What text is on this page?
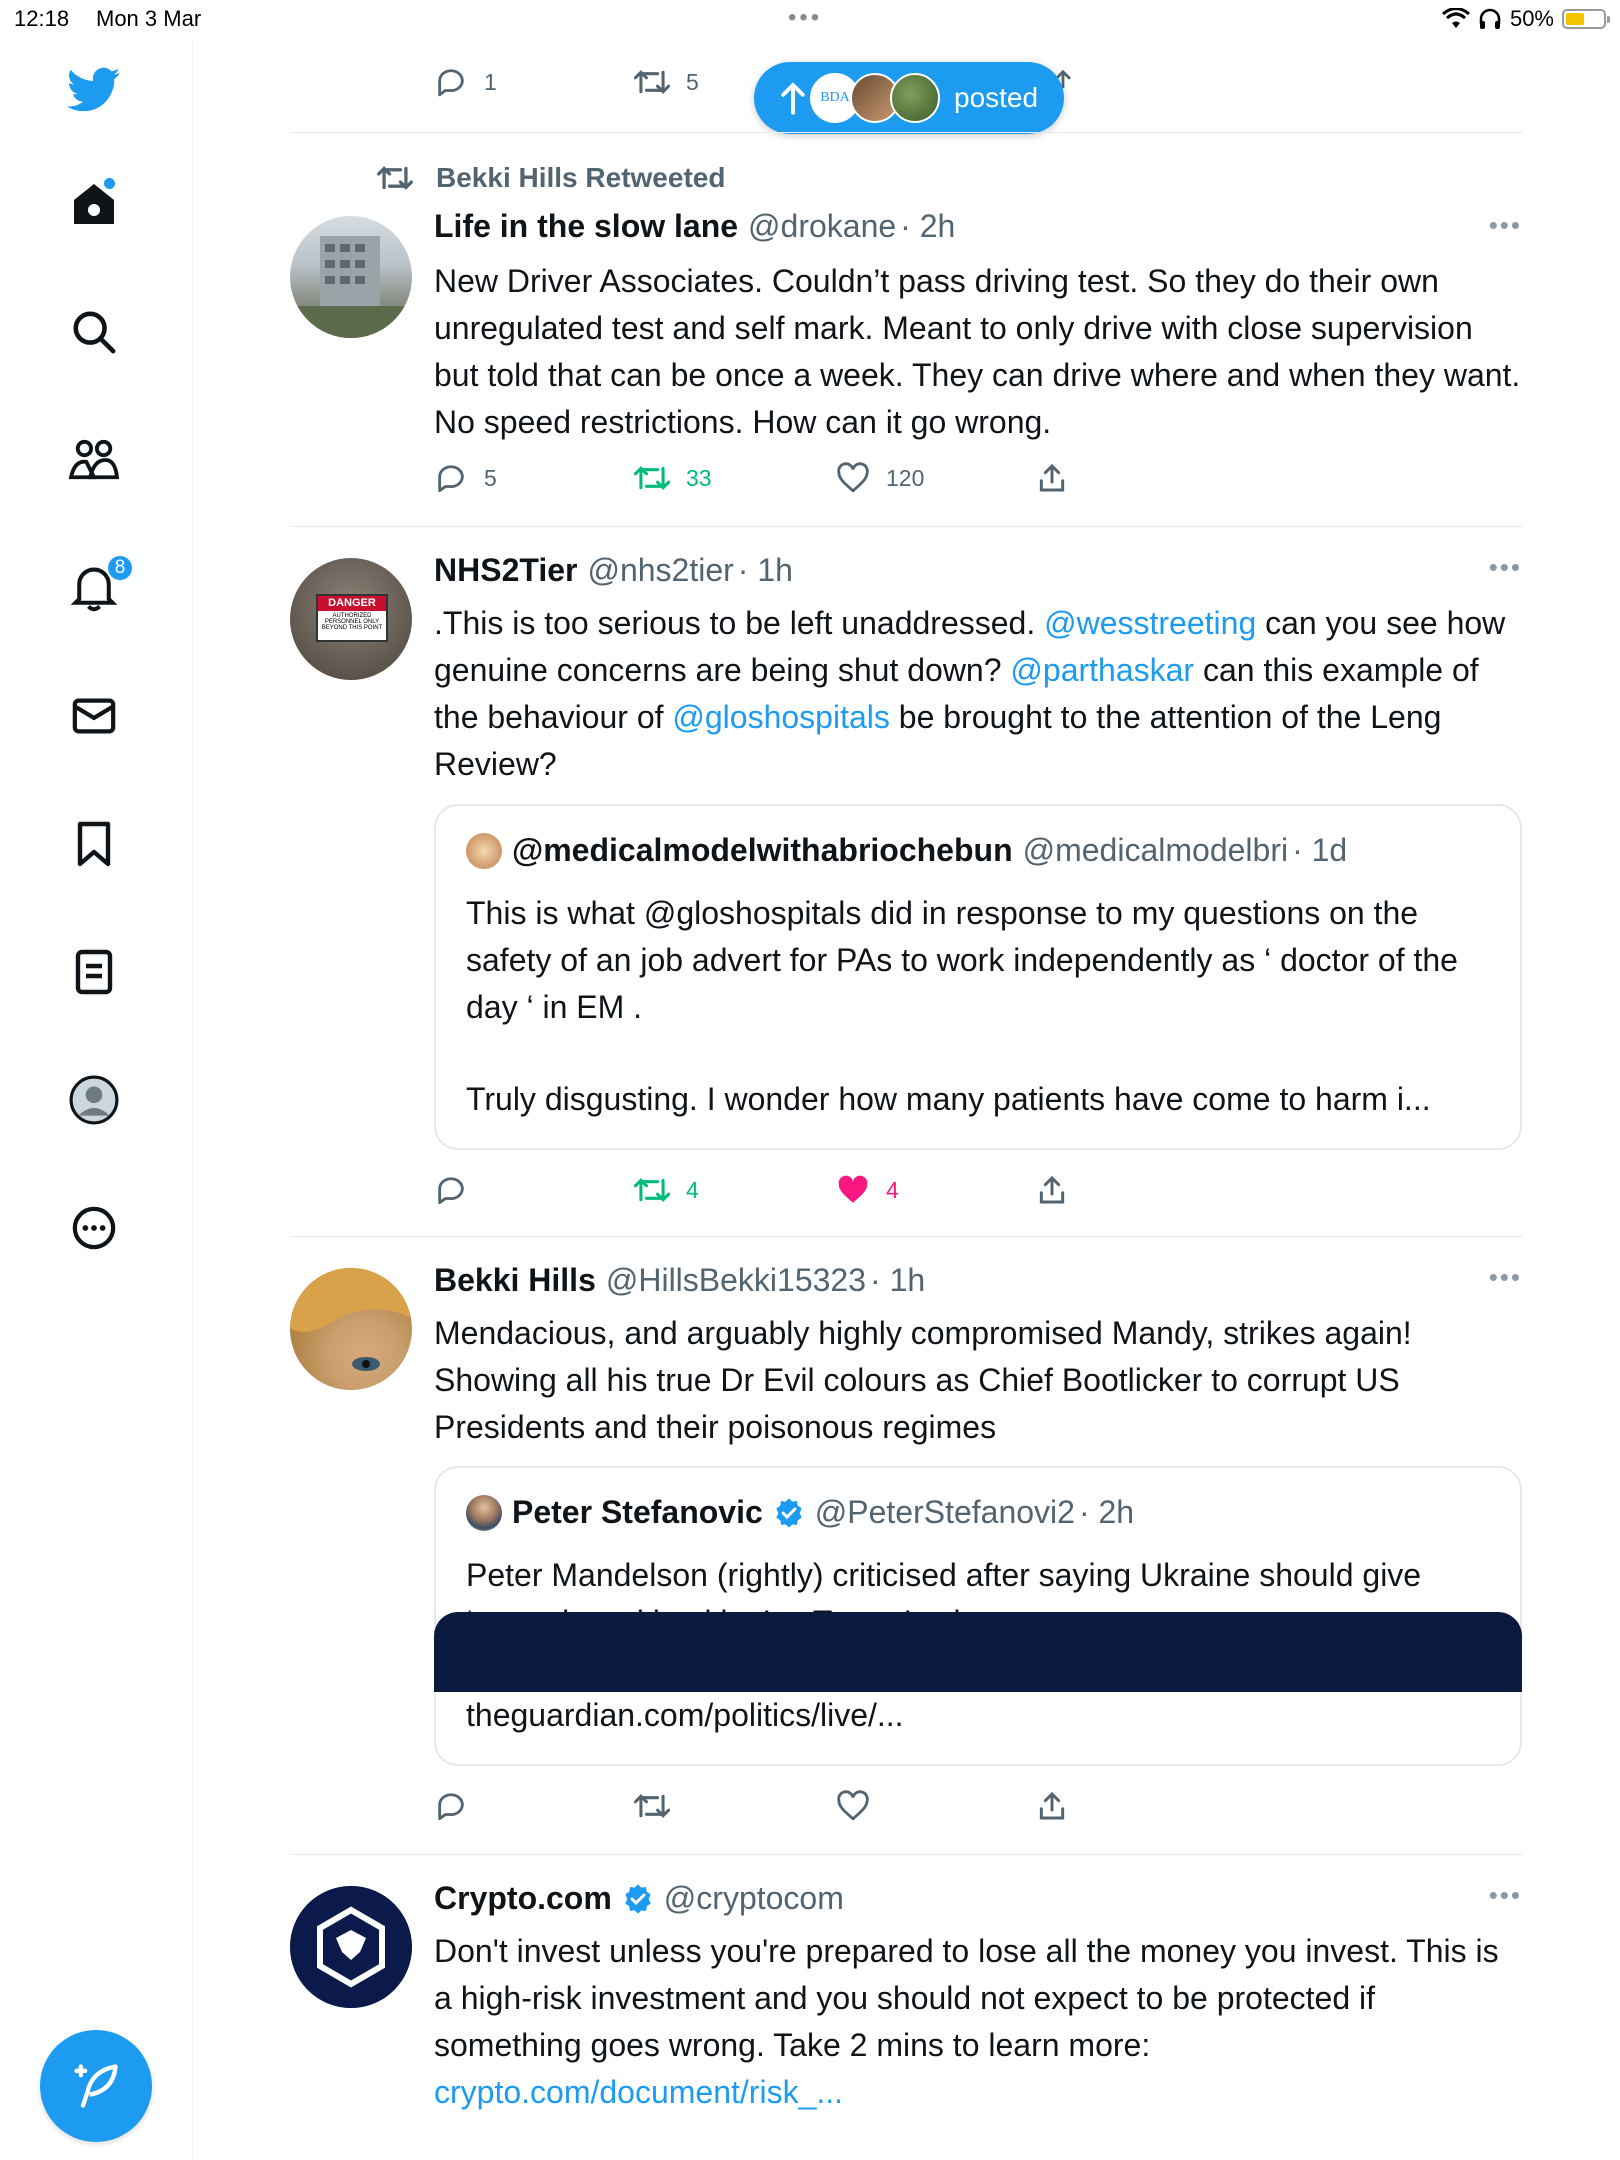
12:18 Mon 3 Mar	•••	50%
8
1	5
BDA	posted
Bekki Hills Retweeted
Life in the slow lane @drokane · 2h	•••
New Driver Associates. Couldn’t pass driving test. So they do their own unregulated test and self mark. Meant to only drive with close supervision but told that can be once a week. They can drive where and when they want. No speed restrictions. How can it go wrong.
5	33	120
DANGER
AUTHORIZED
PERSONNEL ONLY
BEYOND THIS POINT
NHS2Tier @nhs2tier · 1h	•••
.This is too serious to be left unaddressed. @wesstreeting can you see how genuine concerns are being shut down? @parthaskar can this example of the behaviour of @gloshospitals be brought to the attention of the Leng Review?
@medicalmodelwithabriochebun @medicalmodelbri · 1d
This is what @gloshospitals did in response to my questions on the safety of an job advert for PAs to work independently as ‘ doctor of the day ‘ in EM .
Truly disgusting. I wonder how many patients have come to harm i...
4	4
Bekki Hills @HillsBekki15323 · 1h	•••
Mendacious, and arguably highly compromised Mandy, strikes again! Showing all his true Dr Evil colours as Chief Bootlicker to corrupt US Presidents and their poisonous regimes
Peter Stefanovic @PeterStefanovi2 · 2h
Peter Mandelson (rightly) criticised after saying Ukraine should give
theguardian.com/politics/live/...
Crypto.com @cryptocom	•••
Don't invest unless you're prepared to lose all the money you invest. This is a high-risk investment and you should not expect to be protected if something goes wrong. Take 2 mins to learn more:
crypto.com/document/risk_...
